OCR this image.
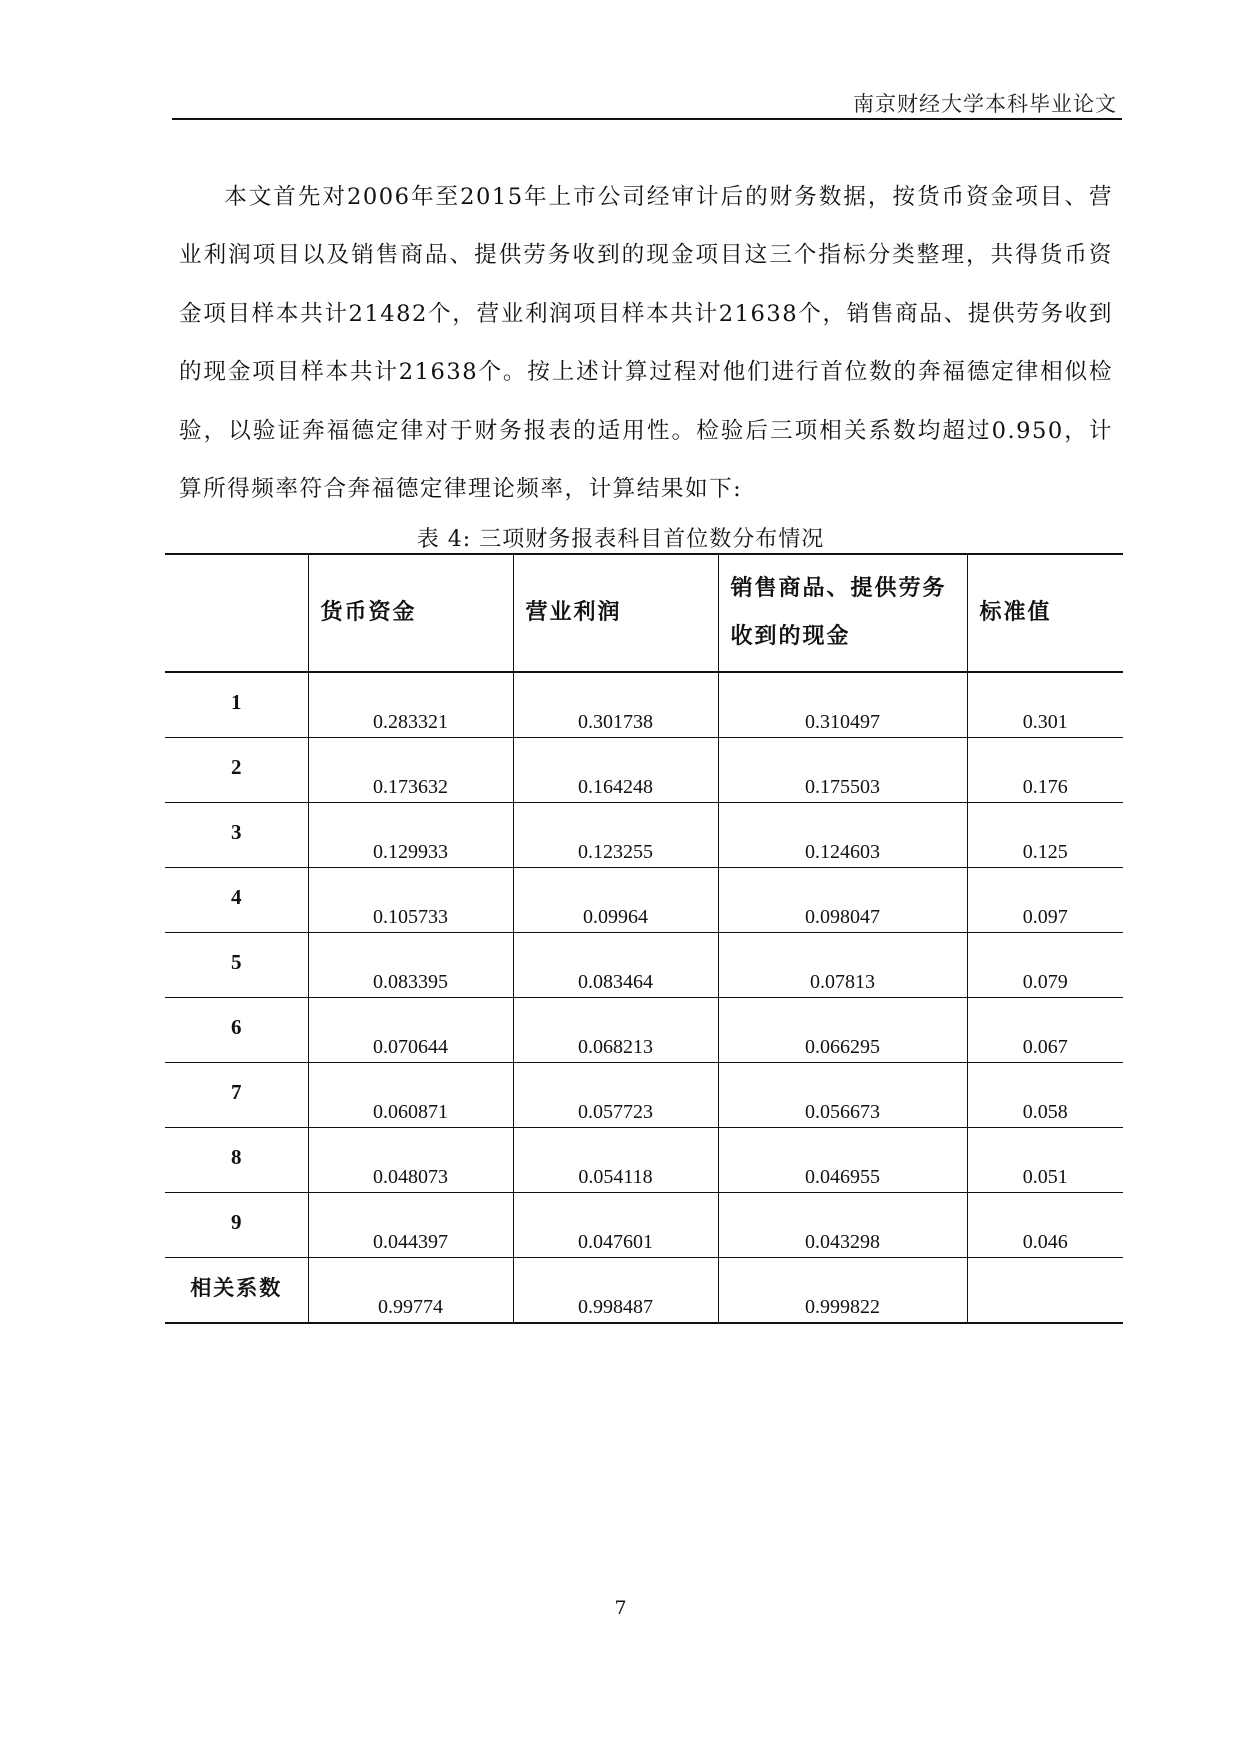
南京财经大学本科毕业论文

本文首先对2006年至2015年上市公司经审计后的财务数据，按货币资金项目、营业利润项目以及销售商品、提供劳务收到的现金项目这三个指标分类整理，共得货币资金项目样本共计21482个，营业利润项目样本共计21638个，销售商品、提供劳务收到的现金项目样本共计21638个。按上述计算过程对他们进行首位数的奔福德定律相似检验，以验证奔福德定律对于财务报表的适用性。检验后三项相关系数均超过0.950，计算所得频率符合奔福德定律理论频率，计算结果如下:

表 4: 三项财务报表科目首位数分布情况
	货币资金	营业利润	销售商品、提供劳务收到的现金	标准值
1	0.283321	0.301738	0.310497	0.301
2	0.173632	0.164248	0.175503	0.176
3	0.129933	0.123255	0.124603	0.125
4	0.105733	0.09964	0.098047	0.097
5	0.083395	0.083464	0.07813	0.079
6	0.070644	0.068213	0.066295	0.067
7	0.060871	0.057723	0.056673	0.058
8	0.048073	0.054118	0.046955	0.051
9	0.044397	0.047601	0.043298	0.046
相关系数	0.99774	0.998487	0.999822	
7
